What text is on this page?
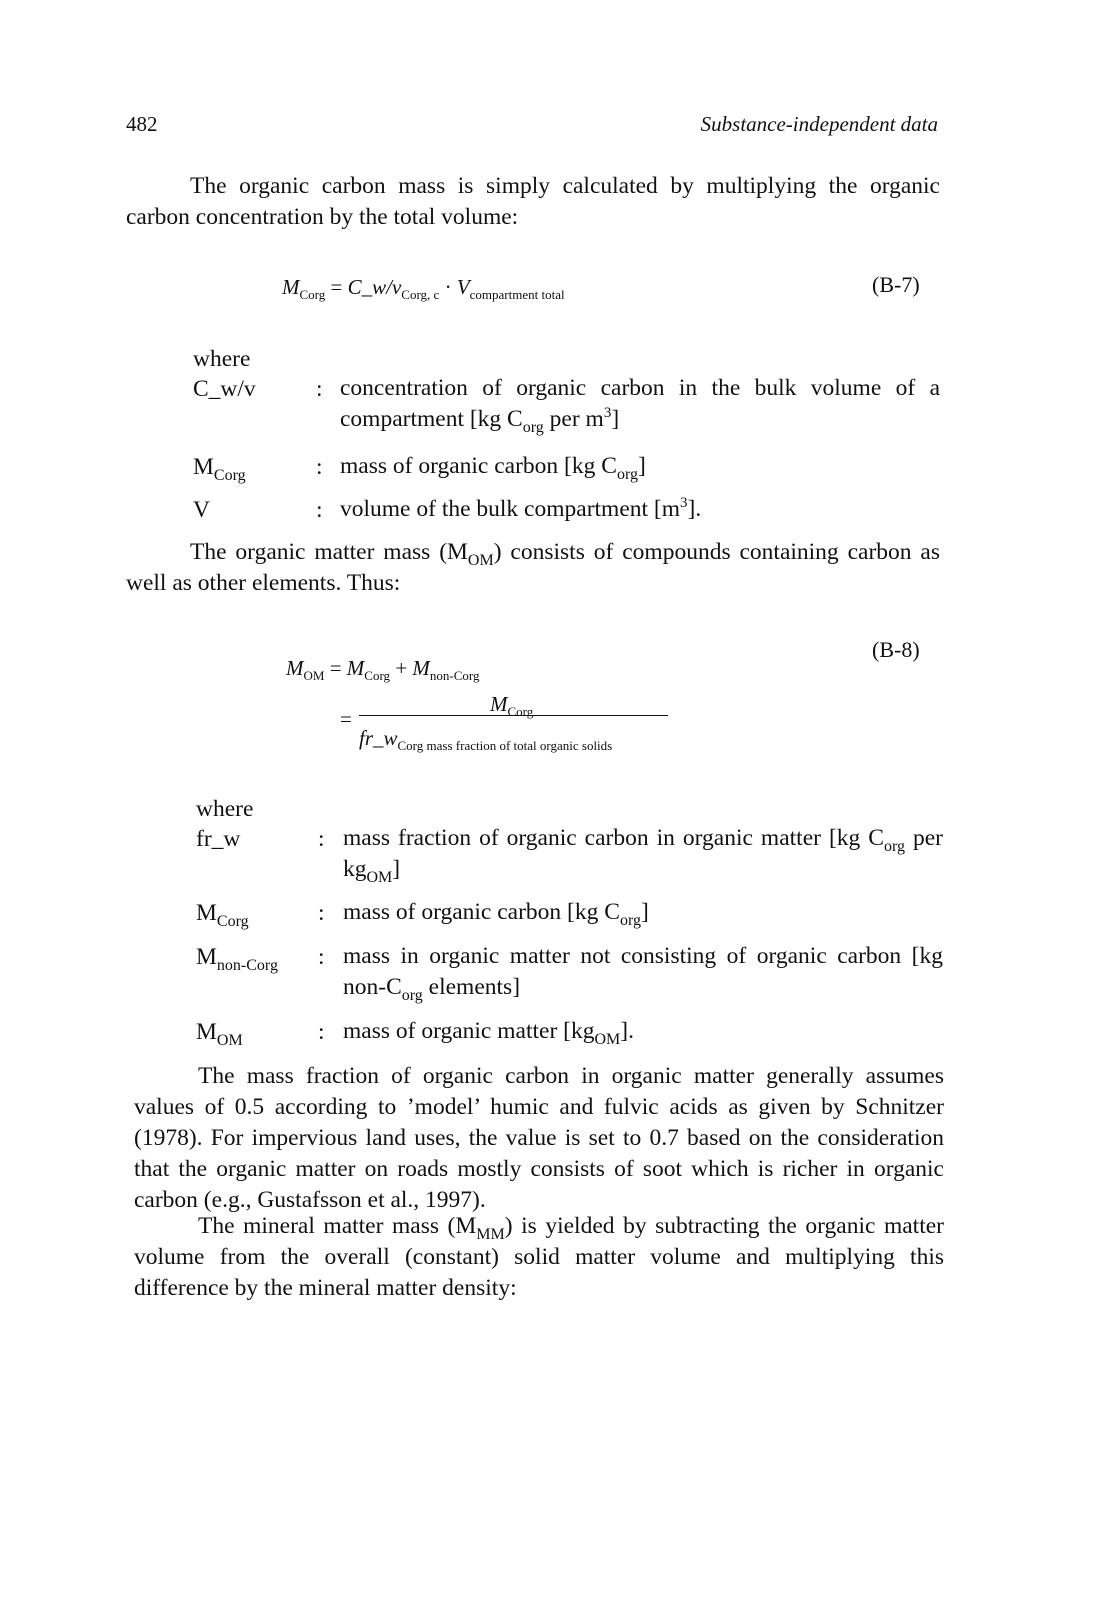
482	Substance-independent data

The organic carbon mass is simply calculated by multiplying the organic carbon concentration by the total volume:

$M_{Corg}$ = $C\_w/v_{Corg, c} \cdot V_{compartment total}$	(B-7)
where
C_w/v	: concentration of organic carbon in the bulk volume of a compartment [kg $C_{org}$ per $m^3$]
$M_{Corg}$	: mass of organic carbon [kg $C_{org}$]
V	: volume of the bulk compartment $[m^3]$.

The organic matter mass $(M_{OM})$ consists of compounds containing carbon as well as other elements. Thus:

$M_{OM} = M_{Corg} + M_{non-Corg}$
(B-8)
=
$M_{Corg}$
$fr\_w_{Corg mass fraction of total organic solids}$
where
fr_w	: mass fraction of organic carbon in organic matter [kg $C_{org}$ per $kg_{OM}$]
$M_{Corg}$	: mass of organic carbon [kg $C_{org}$]
$M_{non-Corg}$ : mass in organic matter not consisting of organic carbon [kg non-$C_{org}$ elements]
$M_{OM}$	: mass of organic matter $[kg_{OM}]$.

The mass fraction of organic carbon in organic matter generally assumes values of 0.5 according to ’model’ humic and fulvic acids as given by Schnitzer (1978). For impervious land uses, the value is set to 0.7 based on the consideration that the organic matter on roads mostly consists of soot which is richer in organic carbon (e.g., Gustafsson et al., 1997).

The mineral matter mass $(M_{MM})$ is yielded by subtracting the organic matter volume from the overall (constant) solid matter volume and multiplying this difference by the mineral matter density:
